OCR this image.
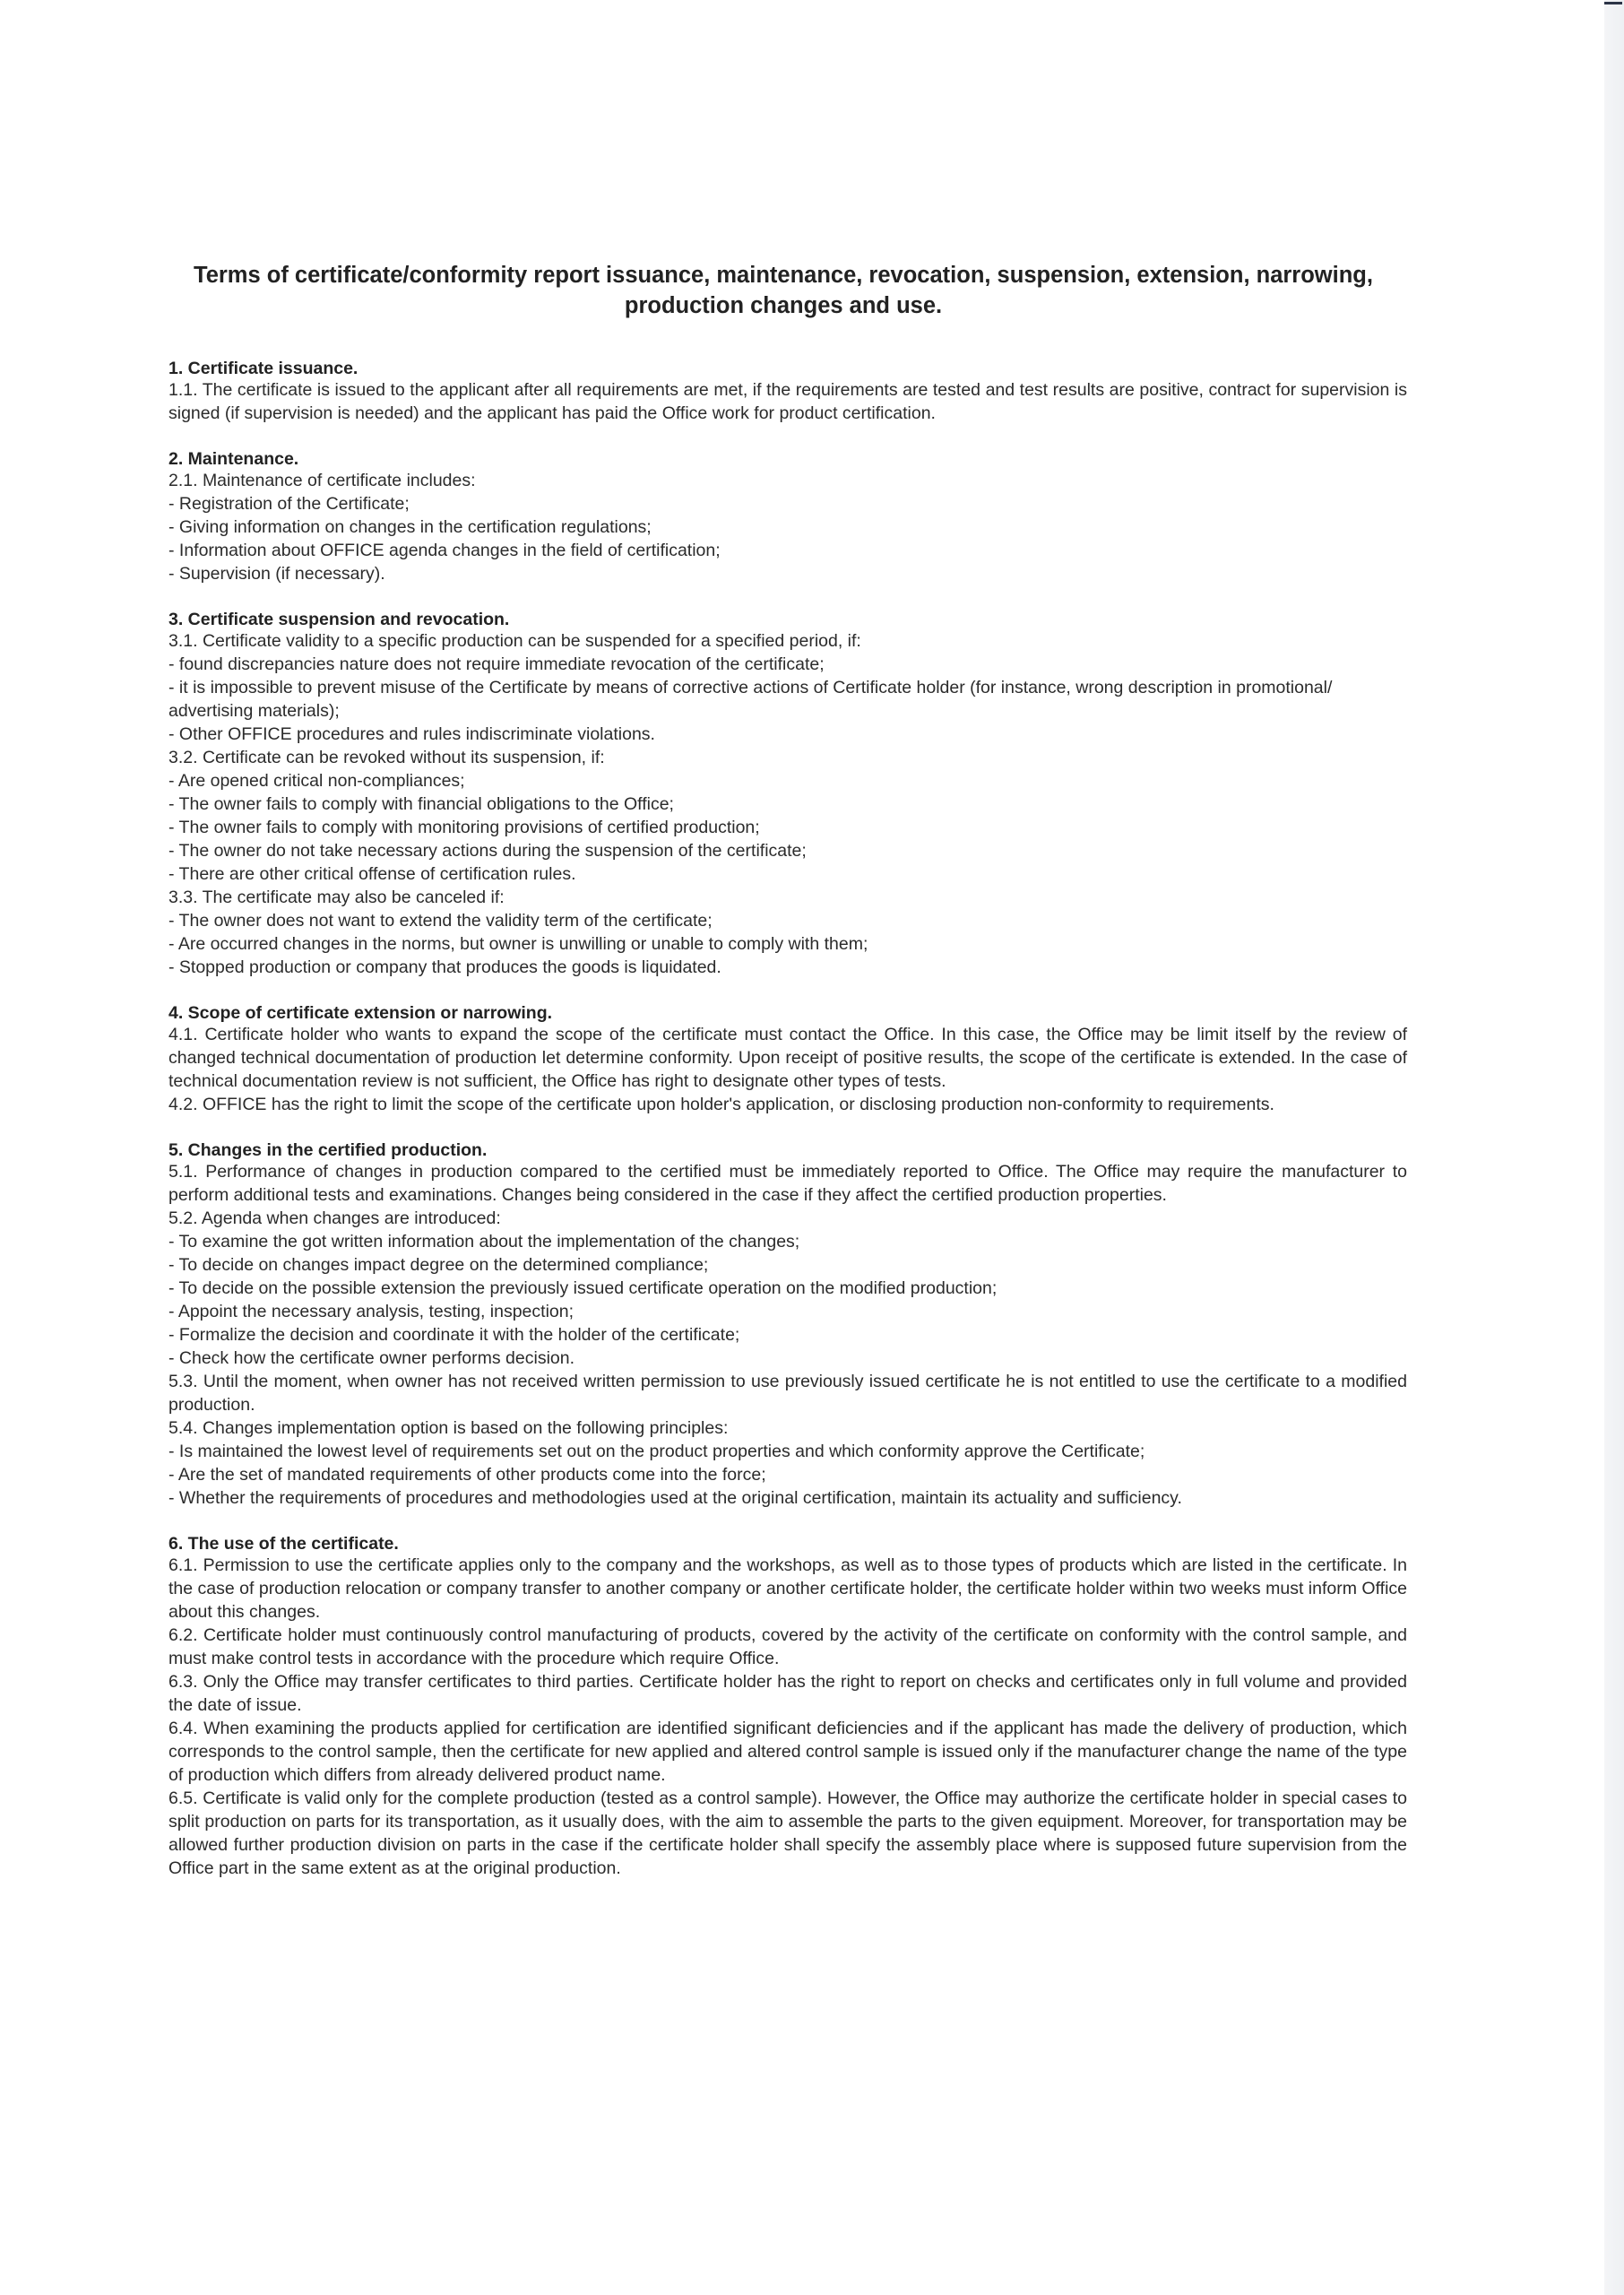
Terms of certificate/conformity report issuance, maintenance, revocation, suspension, extension, narrowing, production changes and use.
1. Certificate issuance.

1.1. The certificate is issued to the applicant after all requirements are met, if the requirements are tested and test results are positive, contract for supervision is signed (if supervision is needed) and the applicant has paid the Office work for product certification.

2. Maintenance.

2.1. Maintenance of certificate includes:

- Registration of the Certificate;

- Giving information on changes in the certification regulations;

- Information about OFFICE agenda changes in the field of certification;

- Supervision (if necessary).

3. Certificate suspension and revocation.

3.1. Certificate validity to a specific production can be suspended for a specified period, if:

- found discrepancies nature does not require immediate revocation of the certificate;

- it is impossible to prevent misuse of the Certificate by means of corrective actions of Certificate holder (for instance, wrong description in promotional/ advertising materials);

- Other OFFICE procedures and rules indiscriminate violations.

3.2. Certificate can be revoked without its suspension, if:

- Are opened critical non-compliances;

- The owner fails to comply with financial obligations to the Office;

- The owner fails to comply with monitoring provisions of certified production;

- The owner do not take necessary actions during the suspension of the certificate;

- There are other critical offense of certification rules.

3.3. The certificate may also be canceled if:

- The owner does not want to extend the validity term of the certificate;

- Are occurred changes in the norms, but owner is unwilling or unable to comply with them;

- Stopped production or company that produces the goods is liquidated.

4. Scope of certificate extension or narrowing.

4.1. Certificate holder who wants to expand the scope of the certificate must contact the Office. In this case, the Office may be limit itself by the review of changed technical documentation of production let determine conformity. Upon receipt of positive results, the scope of the certificate is extended. In the case of technical documentation review is not sufficient, the Office has right to designate other types of tests.

4.2. OFFICE has the right to limit the scope of the certificate upon holder's application, or disclosing production non-conformity to requirements.

5. Changes in the certified production.

5.1. Performance of changes in production compared to the certified must be immediately reported to Office. The Office may require the manufacturer to perform additional tests and examinations. Changes being considered in the case if they affect the certified production properties.

5.2. Agenda when changes are introduced:

- To examine the got written information about the implementation of the changes;

- To decide on changes impact degree on the determined compliance;

- To decide on the possible extension the previously issued certificate operation on the modified production;

- Appoint the necessary analysis, testing, inspection;

- Formalize the decision and coordinate it with the holder of the certificate;

- Check how the certificate owner performs decision.

5.3. Until the moment, when owner has not received written permission to use previously issued certificate he is not entitled to use the certificate to a modified production.

5.4. Changes implementation option is based on the following principles:

- Is maintained the lowest level of requirements set out on the product properties and which conformity approve the Certificate;

- Are the set of mandated requirements of other products come into the force;

- Whether the requirements of procedures and methodologies used at the original certification, maintain its actuality and sufficiency.

6. The use of the certificate.

6.1. Permission to use the certificate applies only to the company and the workshops, as well as to those types of products which are listed in the certificate. In the case of production relocation or company transfer to another company or another certificate holder, the certificate holder within two weeks must inform Office about this changes.

6.2. Certificate holder must continuously control manufacturing of products, covered by the activity of the certificate on conformity with the control sample, and must make control tests in accordance with the procedure which require Office.

6.3. Only the Office may transfer certificates to third parties. Certificate holder has the right to report on checks and certificates only in full volume and provided the date of issue.

6.4. When examining the products applied for certification are identified significant deficiencies and if the applicant has made the delivery of production, which corresponds to the control sample, then the certificate for new applied and altered control sample is issued only if the manufacturer change the name of the type of production which differs from already delivered product name.

6.5. Certificate is valid only for the complete production (tested as a control sample). However, the Office may authorize the certificate holder in special cases to split production on parts for its transportation, as it usually does, with the aim to assemble the parts to the given equipment. Moreover, for transportation may be allowed further production division on parts in the case if the certificate holder shall specify the assembly place where is supposed future supervision from the Office part in the same extent as at the original production.
